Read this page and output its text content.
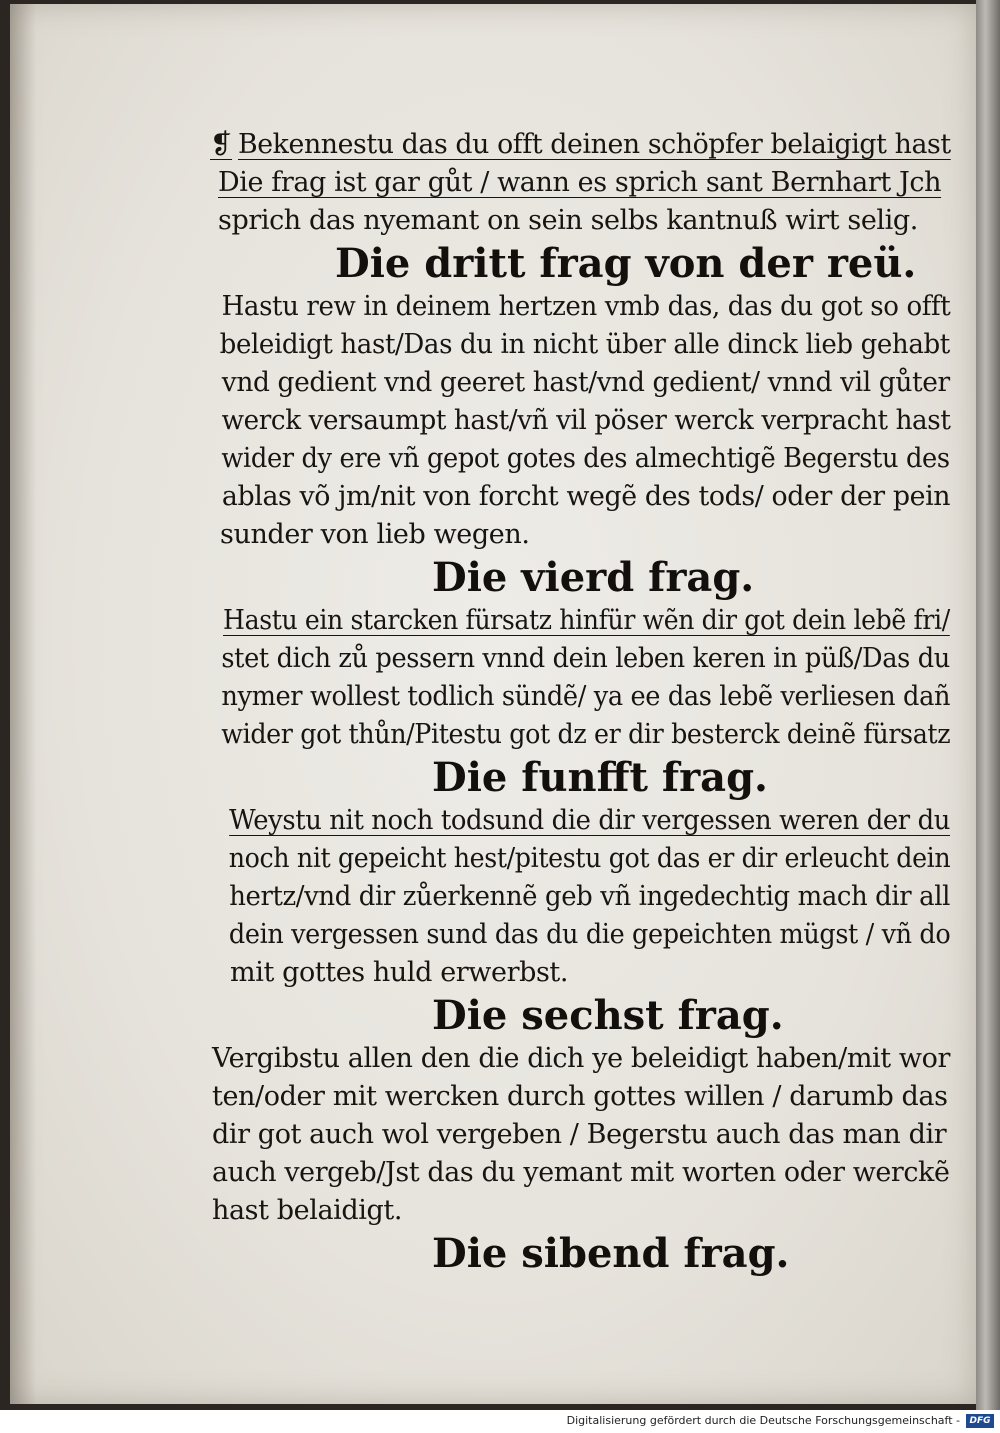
❡ Bekennestu das du offt deinen schöpfer belaigigt hast
Die frag ist gar gůt / wann es sprich sant Bernhart Jch
sprich das nyemant on sein selbs kantnuß wirt selig.
Die dritt frag von der reü.
Hastu rew in deinem hertzen vmb das, das du got so offt
beleidigt hast/Das du in nicht über alle dinck lieb gehabt
vnd gedient vnd geeret hast/vnd gedient/ vnnd vil gůter
werck versaumpt hast/vñ vil pöser werck verpracht hast
wider dy ere vñ gepot gotes des almechtigẽ Begerstu des
ablas võ jm/nit von forcht wegẽ des tods/ oder der pein
sunder von lieb wegen.
Die vierd frag.
Hastu ein starcken fürsatz hinfür wẽn dir got dein lebẽ fri/
stet dich zů pessern vnnd dein leben keren in püß/Das du
nymer wollest todlich sündẽ/ ya ee das lebẽ verliesen dañ
wider got thůn/Pitestu got dz er dir besterck deinẽ fürsatz
Die funfft frag.
Weystu nit noch todsund die dir vergessen weren der du
noch nit gepeicht hest/pitestu got das er dir erleucht dein
hertz/vnd dir zůerkennẽ geb vñ ingedechtig mach dir all
dein vergessen sund das du die gepeichten mügst / vñ do
mit gottes huld erwerbst.
Die sechst frag.
Vergibstu allen den die dich ye beleidigt haben/mit wor
ten/oder mit wercken durch gottes willen / darumb das
dir got auch wol vergeben / Begerstu auch das man dir
auch vergeb/Jst das du yemant mit worten oder werckẽ
hast belaidigt.
Die sibend frag.
Digitalisierung gefördert durch die Deutsche Forschungsgemeinschaft -	DFG
